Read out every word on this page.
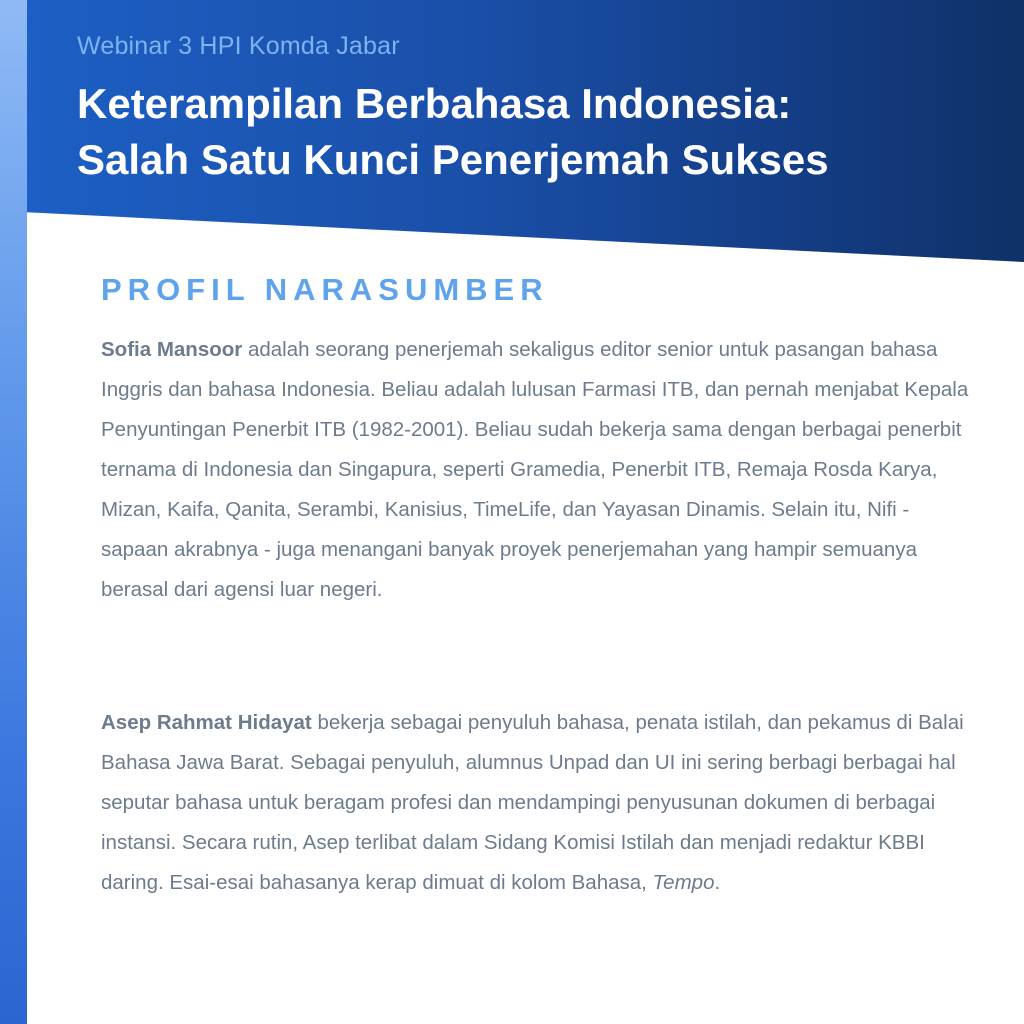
Webinar 3 HPI Komda Jabar
Keterampilan Berbahasa Indonesia:
Salah Satu Kunci Penerjemah Sukses
PROFIL NARASUMBER

Sofia Mansoor adalah seorang penerjemah sekaligus editor senior untuk pasangan bahasa Inggris dan bahasa Indonesia. Beliau adalah lulusan Farmasi ITB, dan pernah menjabat Kepala Penyuntingan Penerbit ITB (1982-2001). Beliau sudah bekerja sama dengan berbagai penerbit ternama di Indonesia dan Singapura, seperti Gramedia, Penerbit ITB, Remaja Rosda Karya, Mizan, Kaifa, Qanita, Serambi, Kanisius, TimeLife, dan Yayasan Dinamis. Selain itu, Nifi - sapaan akrabnya - juga menangani banyak proyek penerjemahan yang hampir semuanya berasal dari agensi luar negeri.

Asep Rahmat Hidayat bekerja sebagai penyuluh bahasa, penata istilah, dan pekamus di Balai Bahasa Jawa Barat. Sebagai penyuluh, alumnus Unpad dan UI ini sering berbagi berbagai hal seputar bahasa untuk beragam profesi dan mendampingi penyusunan dokumen di berbagai instansi. Secara rutin, Asep terlibat dalam Sidang Komisi Istilah dan menjadi redaktur KBBI daring. Esai-esai bahasanya kerap dimuat di kolom Bahasa, Tempo.
